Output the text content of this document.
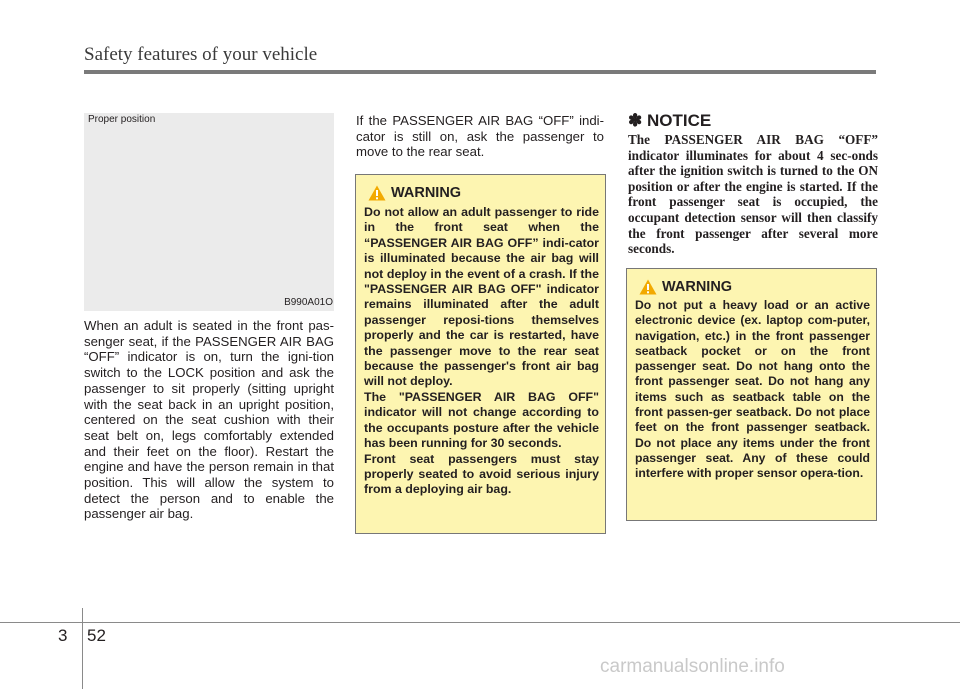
Safety features of your vehicle
Proper position
B990A01O

When an adult is seated in the front pas-senger seat, if the PASSENGER AIR BAG “OFF” indicator is on, turn the igni-tion switch to the LOCK position and ask the passenger to sit properly (sitting upright with the seat back in an upright position, centered on the seat cushion with their seat belt on, legs comfortably extended and their feet on the floor). Restart the engine and have the person remain in that position. This will allow the system to detect the person and to enable the passenger air bag.

If the PASSENGER AIR BAG “OFF” indi-cator is still on, ask the passenger to move to the rear seat.

WARNING

Do not allow an adult passenger to ride in the front seat when the “PASSENGER AIR BAG OFF” indi-cator is illuminated because the air bag will not deploy in the event of a crash. If the "PASSENGER AIR BAG OFF" indicator remains illuminated after the adult passenger reposi-tions themselves properly and the car is restarted, have the passenger move to the rear seat because the passenger's front air bag will not deploy.

The "PASSENGER AIR BAG OFF" indicator will not change according to the occupants posture after the vehicle has been running for 30 seconds.

Front seat passengers must stay properly seated to avoid serious injury from a deploying air bag.

✽ NOTICE

The PASSENGER AIR BAG “OFF” indicator illuminates for about 4 sec-onds after the ignition switch is turned to the ON position or after the engine is started. If the front passenger seat is occupied, the occupant detection sensor will then classify the front passenger after several more seconds.

WARNING

Do not put a heavy load or an active electronic device (ex. laptop com-puter, navigation, etc.) in the front passenger seatback pocket or on the front passenger seat. Do not hang onto the front passenger seat. Do not hang any items such as seatback table on the front passen-ger seatback. Do not place feet on the front passenger seatback. Do not place any items under the front passenger seat. Any of these could interfere with proper sensor opera-tion.

3 52
carmanualsonline.info
